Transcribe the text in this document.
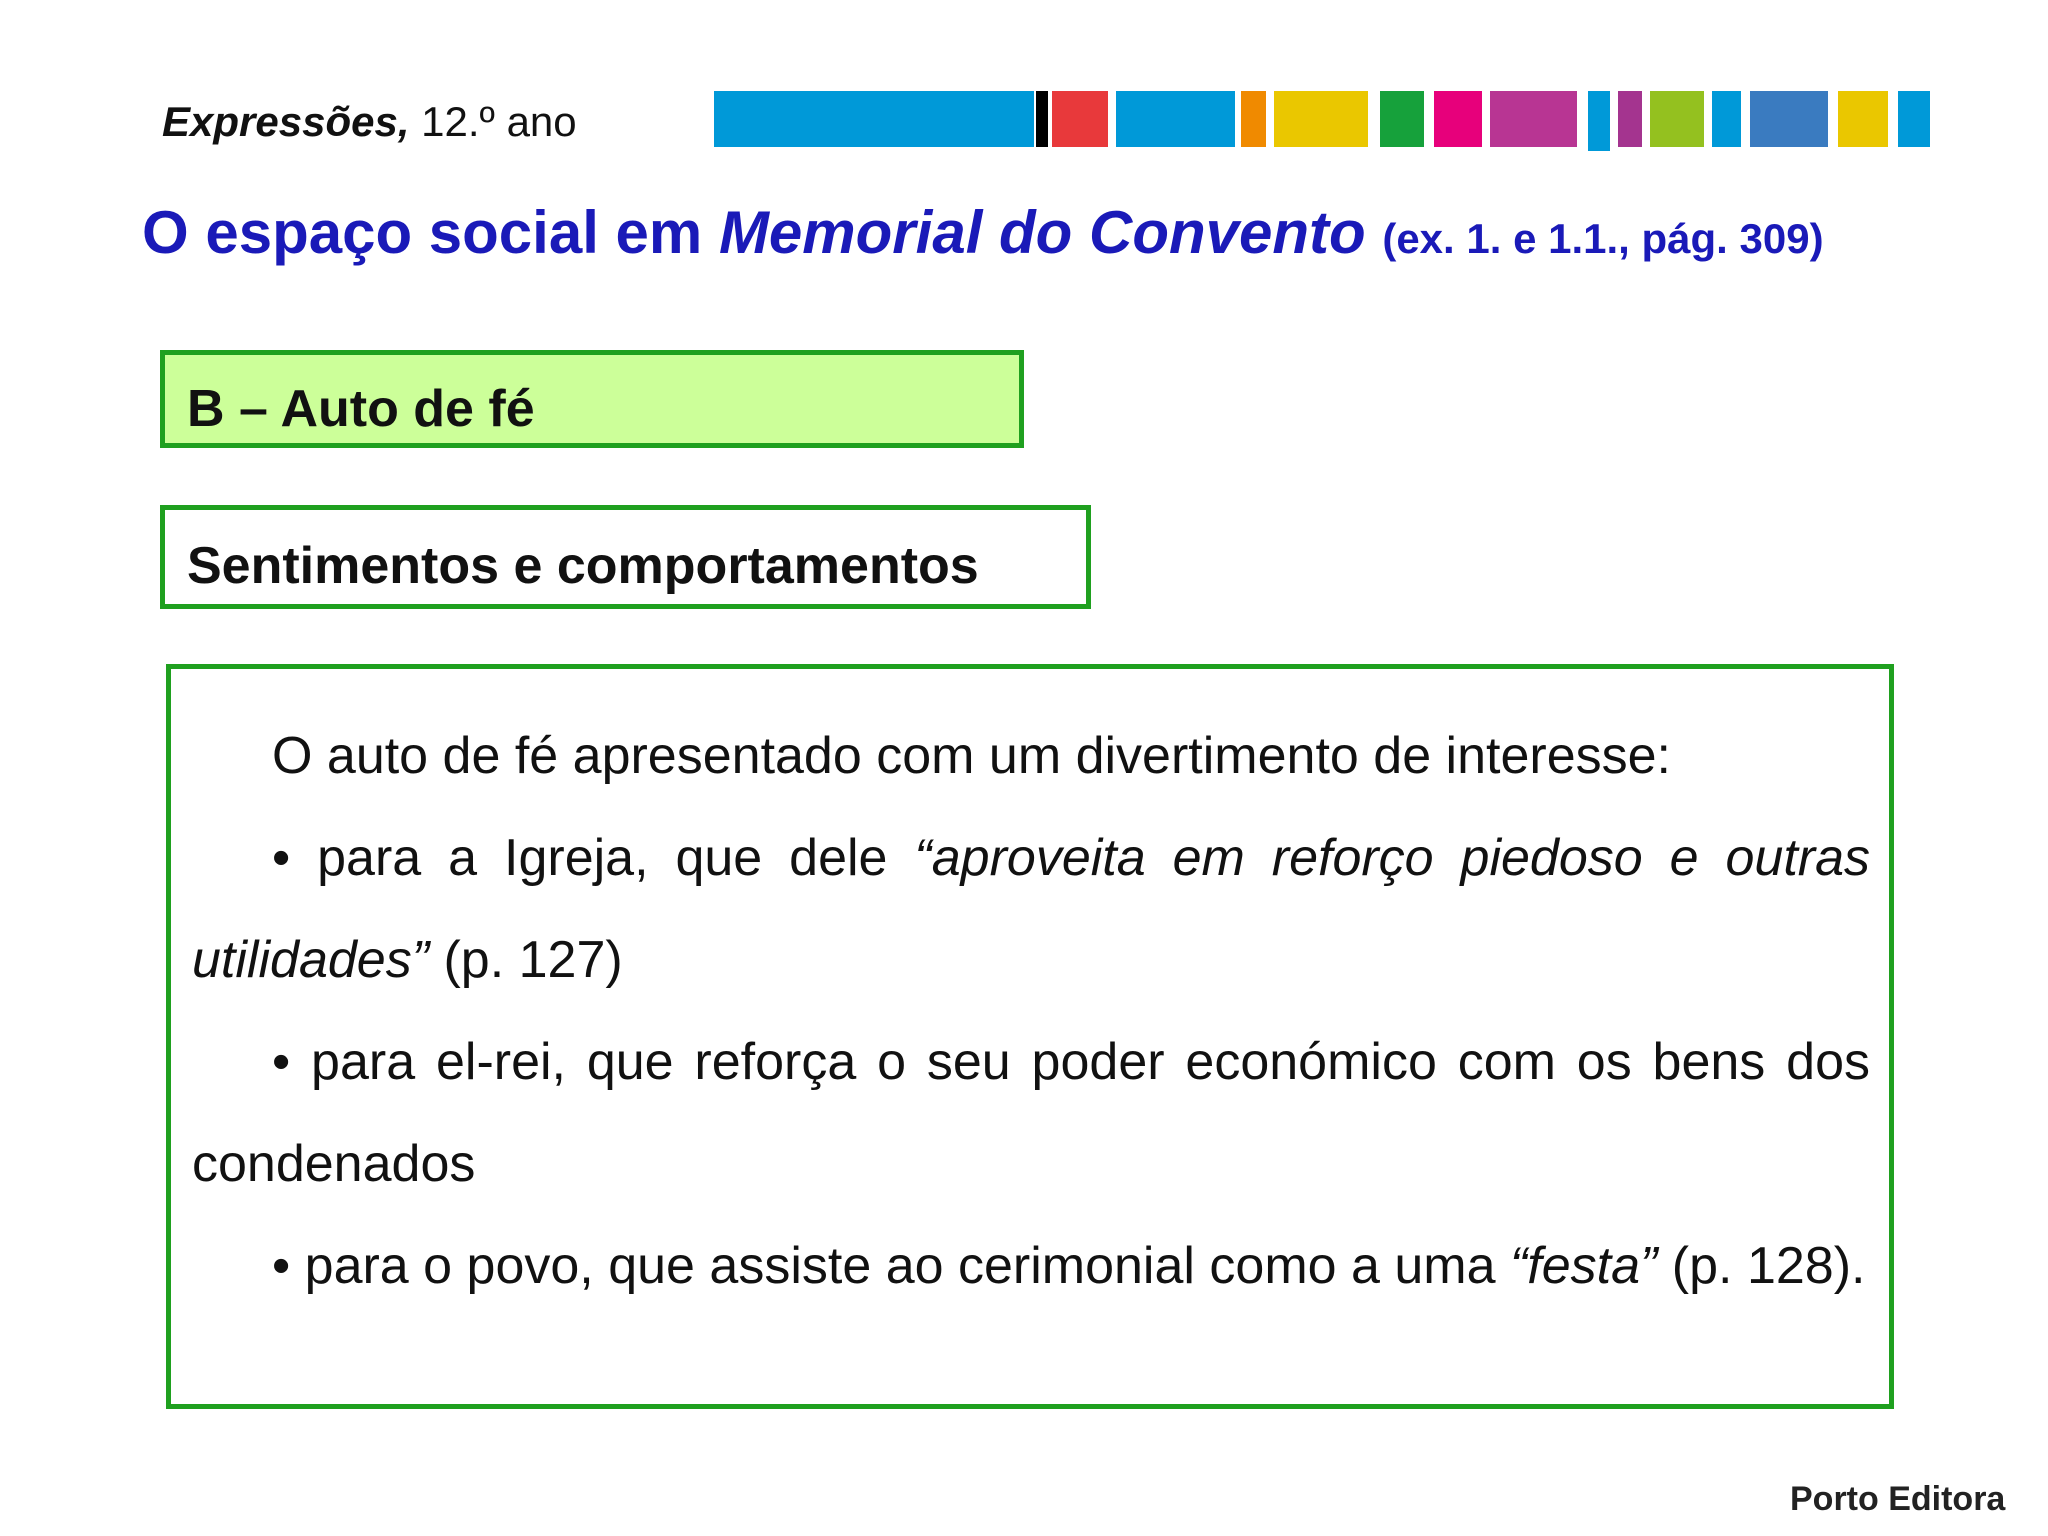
Expressões, 12.º ano
O espaço social em Memorial do Convento (ex. 1. e 1.1., pág. 309)
B – Auto de fé
Sentimentos e comportamentos

O auto de fé apresentado com um divertimento de interesse:

• para a Igreja, que dele “aproveita em reforço piedoso e outras utilidades” (p. 127)

• para el-rei, que reforça o seu poder económico com os bens dos condenados

• para o povo, que assiste ao cerimonial como a uma “festa” (p. 128).

Porto Editora
